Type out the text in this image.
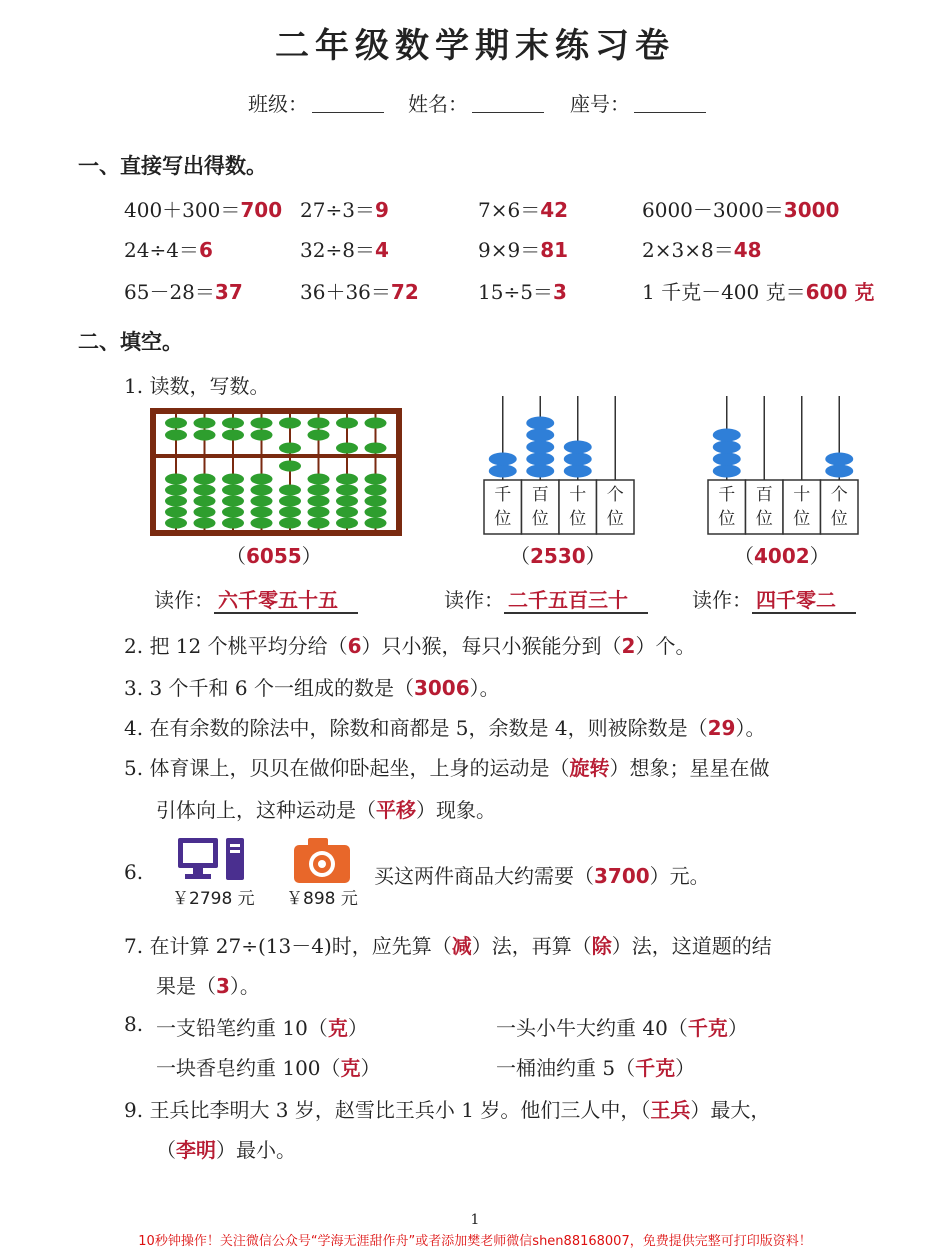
二年级数学期末练习卷
班级：	姓名：	座号：
一、直接写出得数。
400＋300＝700 27÷3＝9	7×6＝42	6000－3000＝3000
24÷4＝6	32÷8＝4	9×9＝81	2×3×8＝48
65－28＝37	36＋36＝72	15÷5＝3	1 千克－400 克＝600 克
二、填空。
1. 读数，写数。
千
位
百
位
十
位
个
位
千
位
百
位
十
位
个
位
（6055）	（2530）	（4002）
读作： 六千零五十五	读作： 二千五百三十	读作： 四千零二
2. 把 12 个桃平均分给（6）只小猴，每只小猴能分到（2）个。
3. 3 个千和 6 个一组成的数是（3006）。
4. 在有余数的除法中，除数和商都是 5，余数是 4，则被除数是（29）。
5. 体育课上，贝贝在做仰卧起坐，上身的运动是（旋转）想象；星星在做
引体向上，这种运动是（平移）现象。
6.
￥2798 元 ￥898 元
买这两件商品大约需要（3700）元。
7. 在计算 27÷(13－4)时，应先算（减）法，再算（除）法，这道题的结
果是（3）。
8. 一支铅笔约重 10（克）	一头小牛大约重 40（千克）
一块香皂约重 100（克）	一桶油约重 5（千克）
9. 王兵比李明大 3 岁，赵雪比王兵小 1 岁。他们三人中，（王兵）最大，
（李明）最小。
1
10秒钟操作！关注微信公众号“学海无涯甜作舟”或者添加樊老师微信shen88168007，免费提供完整可打印版资料！
